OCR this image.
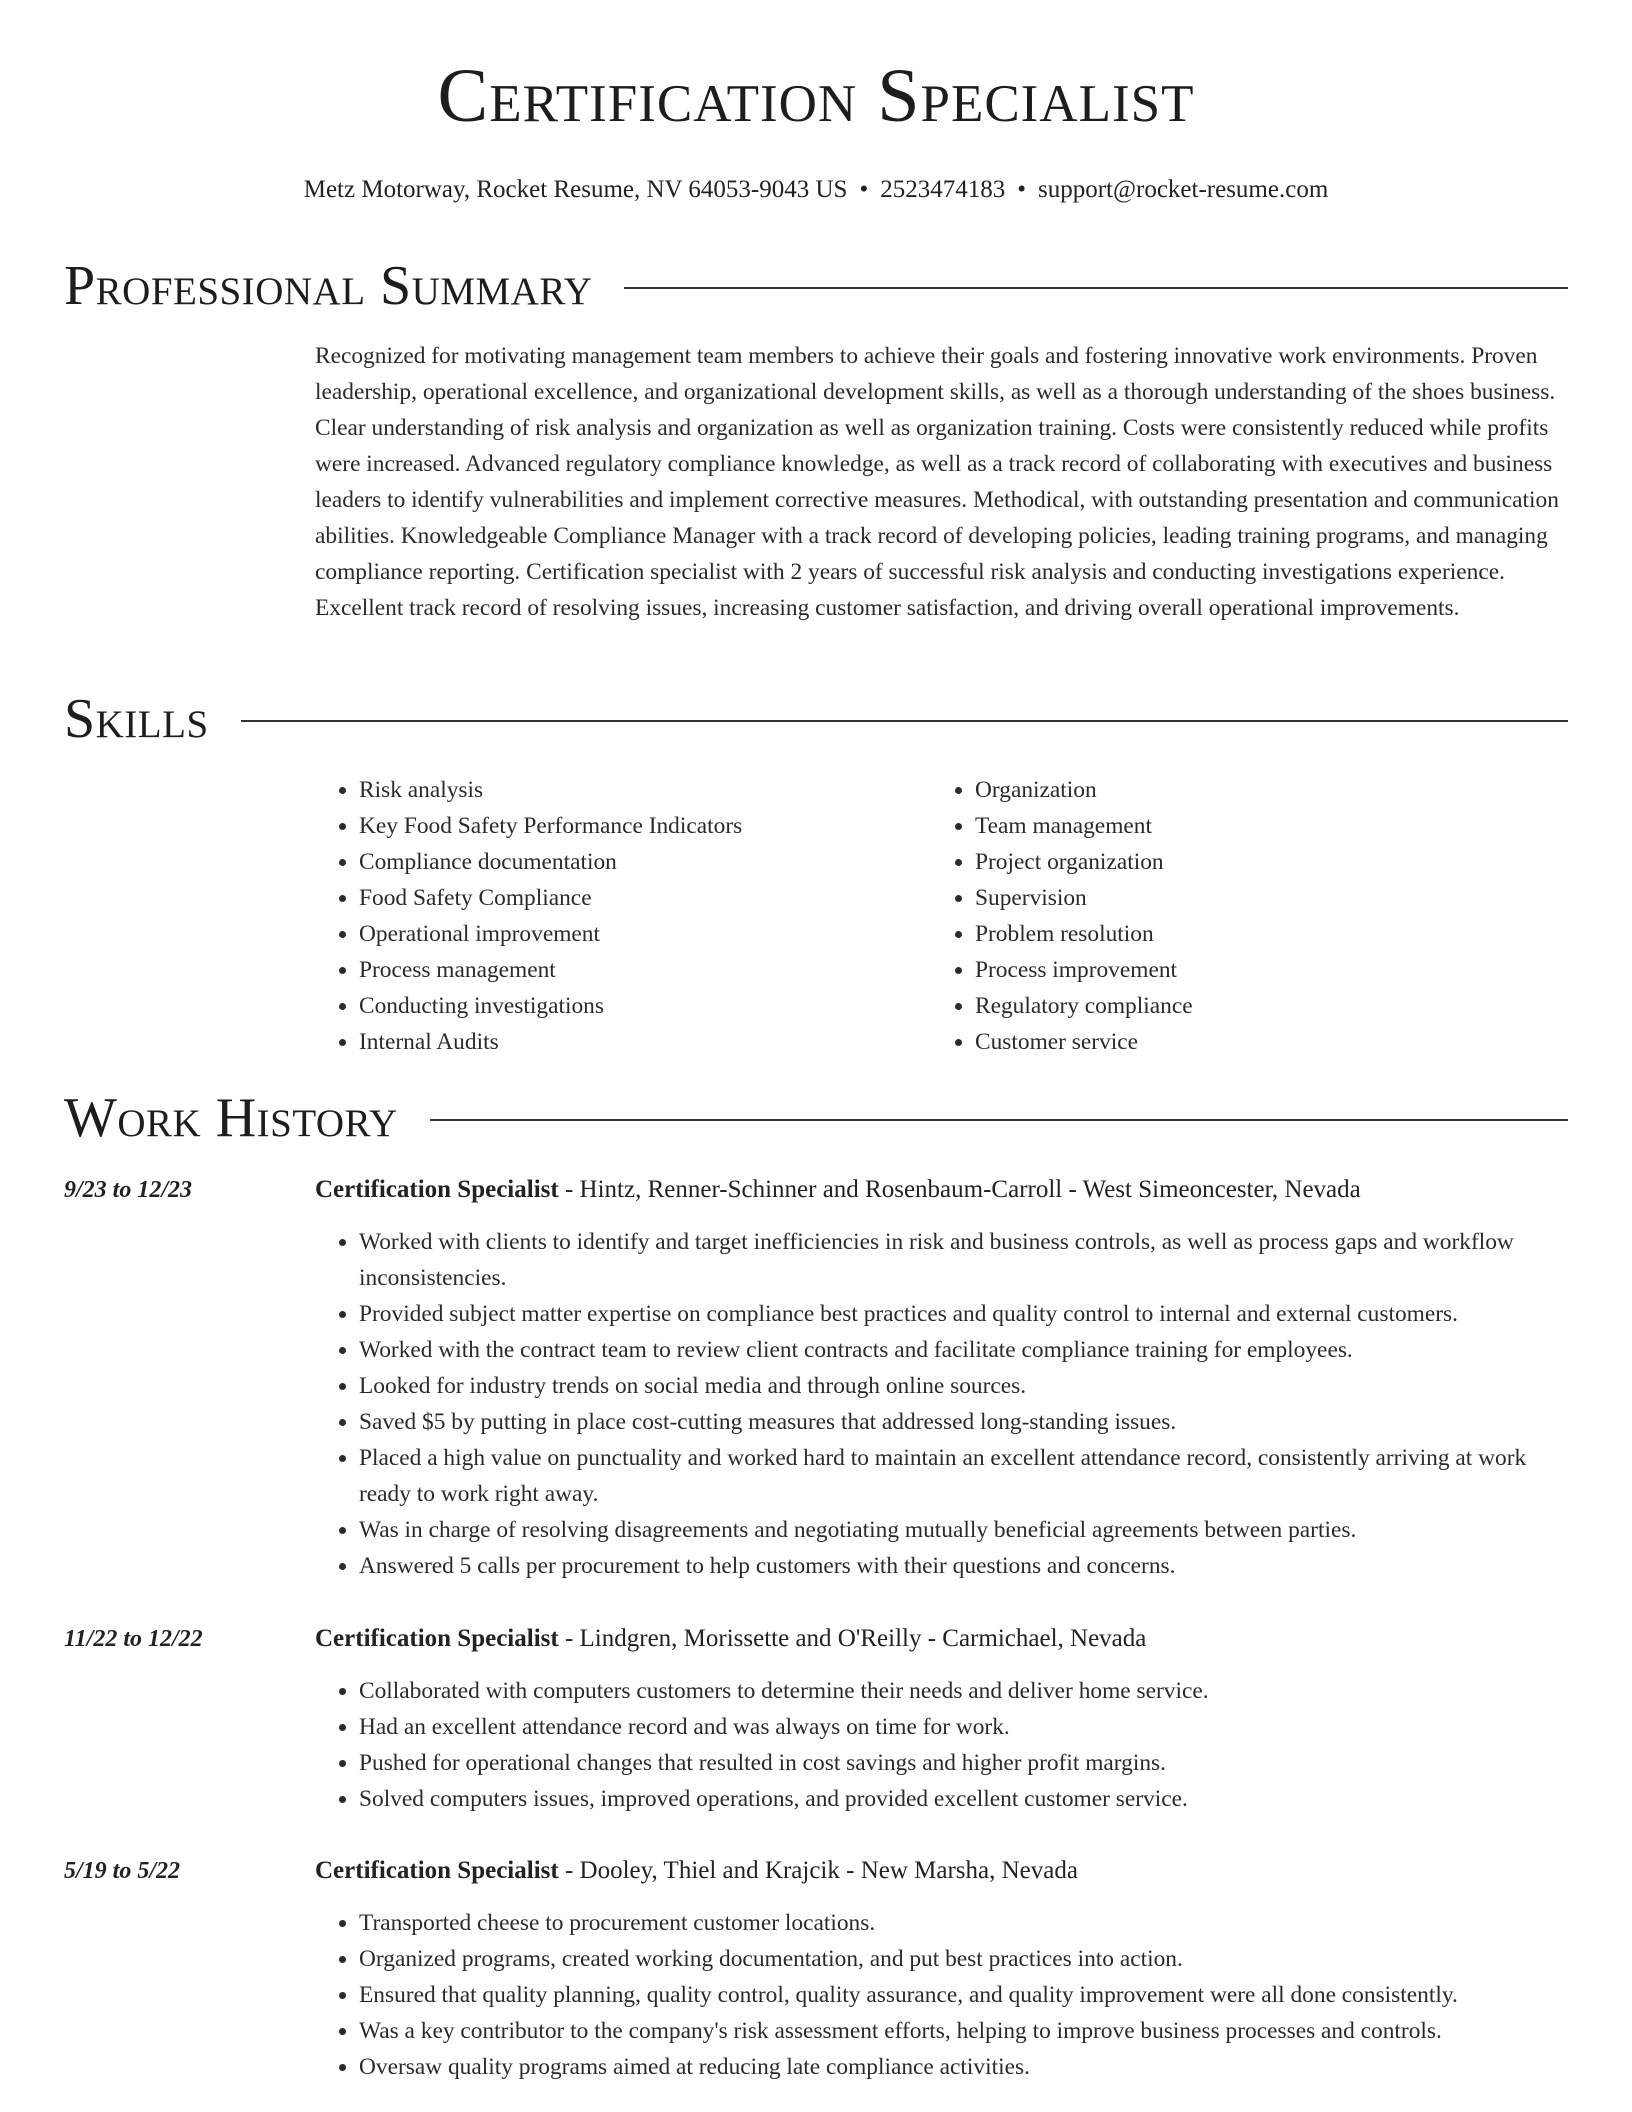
Certification Specialist
Metz Motorway, Rocket Resume, NV 64053-9043 US • 2523474183 • support@rocket-resume.com
Professional Summary
Recognized for motivating management team members to achieve their goals and fostering innovative work environments. Proven leadership, operational excellence, and organizational development skills, as well as a thorough understanding of the shoes business. Clear understanding of risk analysis and organization as well as organization training. Costs were consistently reduced while profits were increased. Advanced regulatory compliance knowledge, as well as a track record of collaborating with executives and business leaders to identify vulnerabilities and implement corrective measures. Methodical, with outstanding presentation and communication abilities. Knowledgeable Compliance Manager with a track record of developing policies, leading training programs, and managing compliance reporting. Certification specialist with 2 years of successful risk analysis and conducting investigations experience. Excellent track record of resolving issues, increasing customer satisfaction, and driving overall operational improvements.
Skills
• Risk analysis
• Key Food Safety Performance Indicators
• Compliance documentation
• Food Safety Compliance
• Operational improvement
• Process management
• Conducting investigations
• Internal Audits
• Organization
• Team management
• Project organization
• Supervision
• Problem resolution
• Process improvement
• Regulatory compliance
• Customer service
Work History
9/23 to 12/23	Certification Specialist - Hintz, Renner-Schinner and Rosenbaum-Carroll - West Simeoncester, Nevada
• Worked with clients to identify and target inefficiencies in risk and business controls, as well as process gaps and workflow inconsistencies.
• Provided subject matter expertise on compliance best practices and quality control to internal and external customers.
• Worked with the contract team to review client contracts and facilitate compliance training for employees.
• Looked for industry trends on social media and through online sources.
• Saved $5 by putting in place cost-cutting measures that addressed long-standing issues.
• Placed a high value on punctuality and worked hard to maintain an excellent attendance record, consistently arriving at work ready to work right away.
• Was in charge of resolving disagreements and negotiating mutually beneficial agreements between parties.
• Answered 5 calls per procurement to help customers with their questions and concerns.
11/22 to 12/22	Certification Specialist - Lindgren, Morissette and O'Reilly - Carmichael, Nevada
• Collaborated with computers customers to determine their needs and deliver home service.
• Had an excellent attendance record and was always on time for work.
• Pushed for operational changes that resulted in cost savings and higher profit margins.
• Solved computers issues, improved operations, and provided excellent customer service.
5/19 to 5/22	Certification Specialist - Dooley, Thiel and Krajcik - New Marsha, Nevada
• Transported cheese to procurement customer locations.
• Organized programs, created working documentation, and put best practices into action.
• Ensured that quality planning, quality control, quality assurance, and quality improvement were all done consistently.
• Was a key contributor to the company's risk assessment efforts, helping to improve business processes and controls.
• Oversaw quality programs aimed at reducing late compliance activities.
